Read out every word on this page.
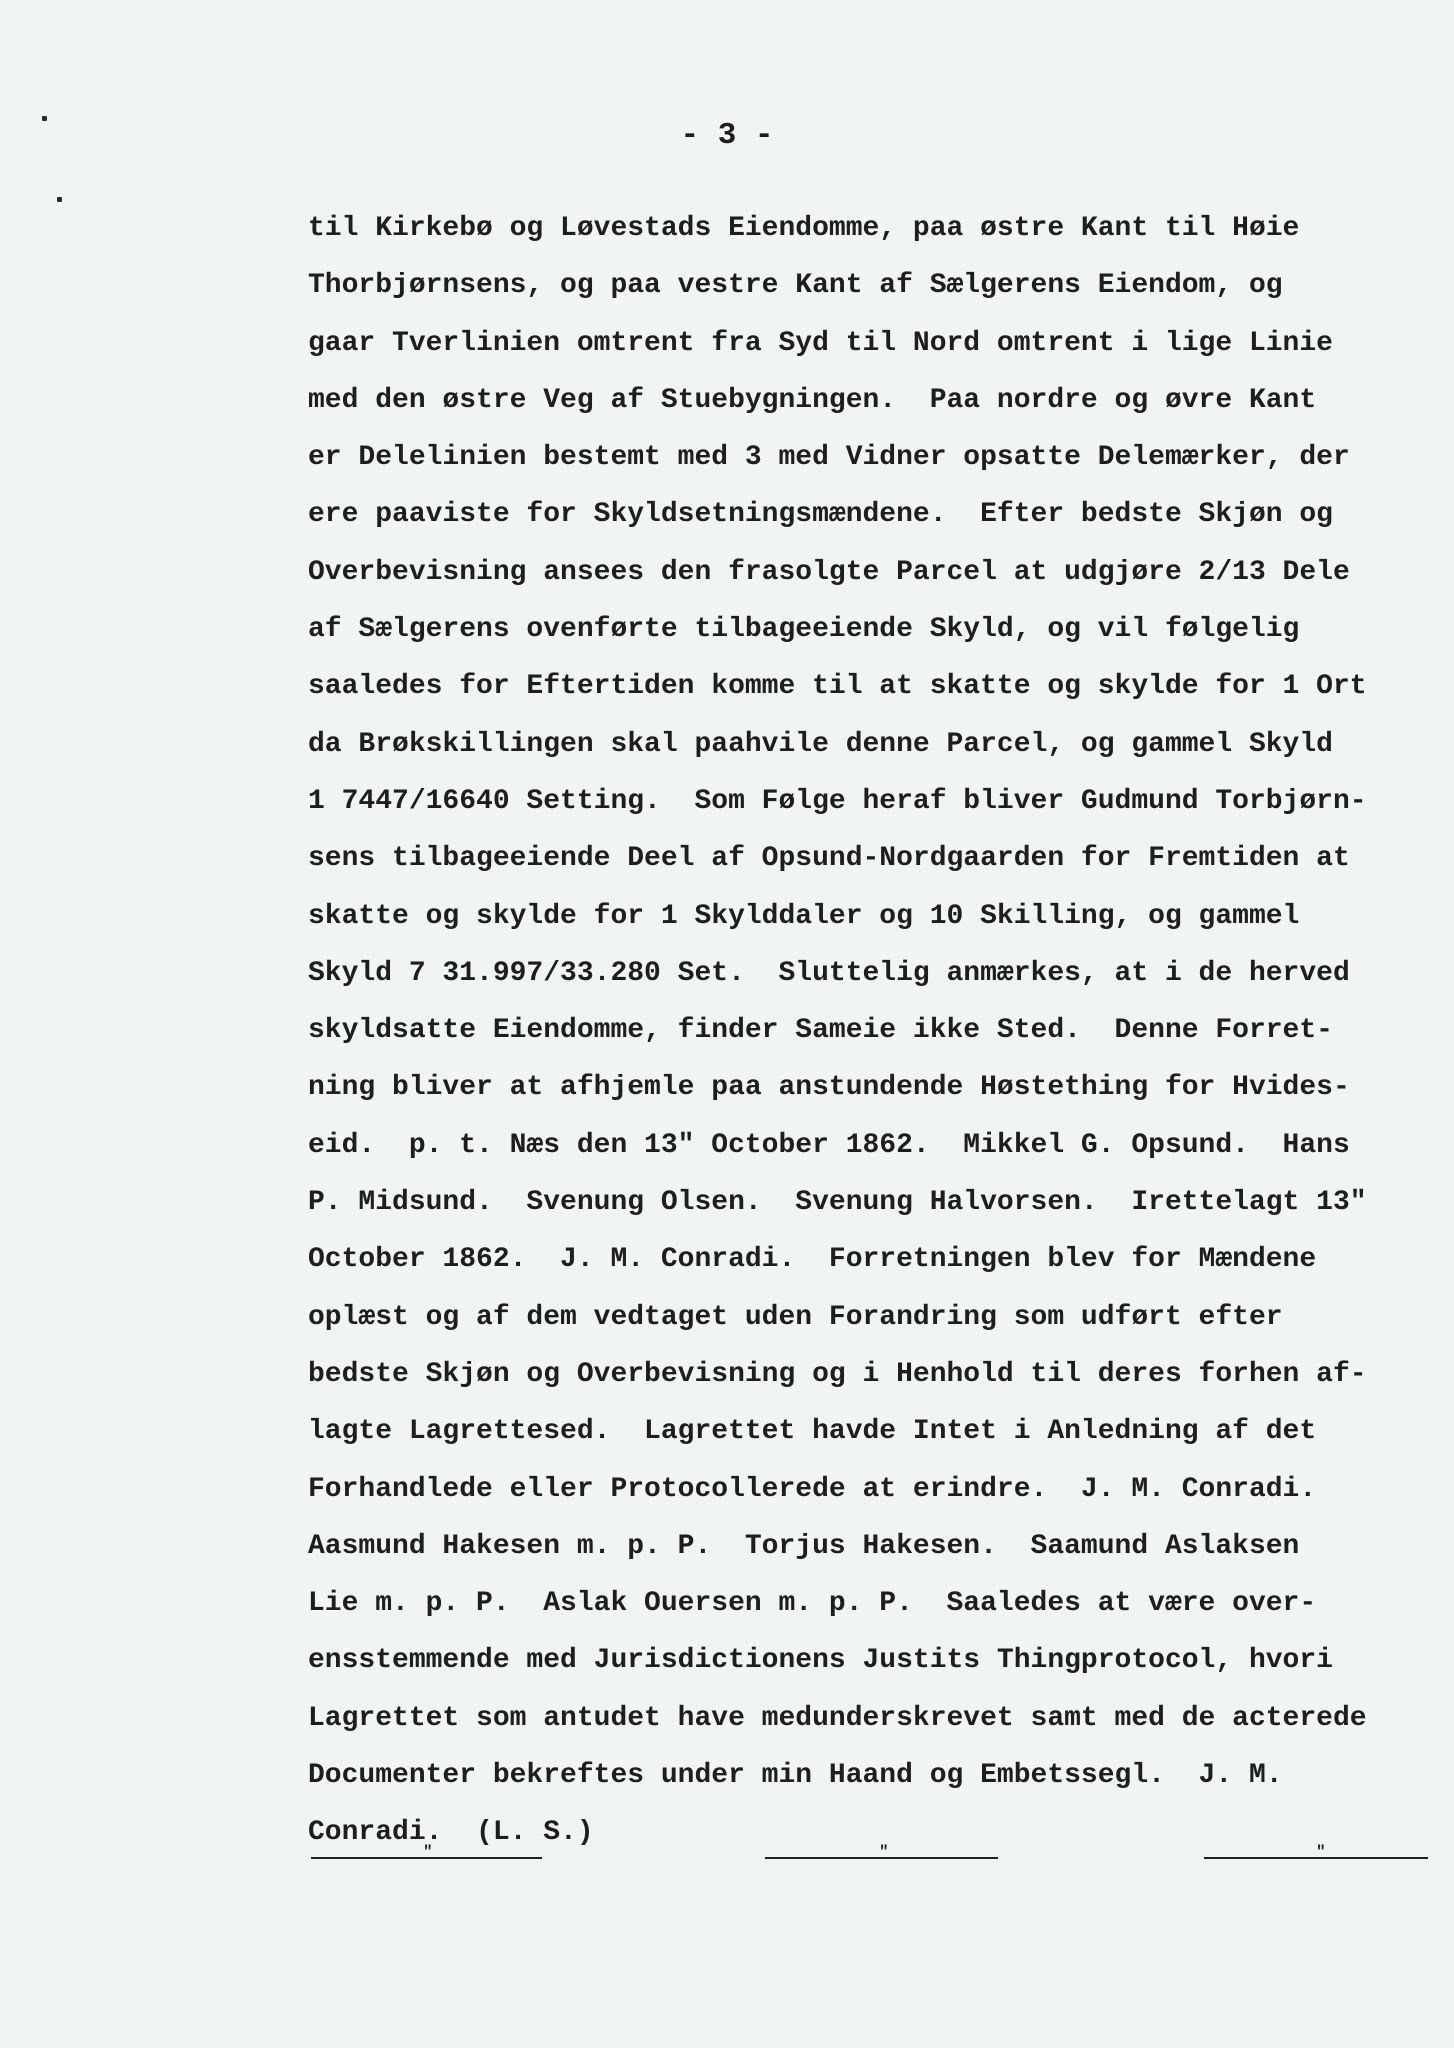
- 3 -
til Kirkebø og Løvestads Eiendomme, paa østre Kant til Høie
Thorbjørnsens, og paa vestre Kant af Sælgerens Eiendom, og
gaar Tverlinien omtrent fra Syd til Nord omtrent i lige Linie
med den østre Veg af Stuebygningen.  Paa nordre og øvre Kant
er Delelinien bestemt med 3 med Vidner opsatte Delemærker, der
ere paaviste for Skyldsetningsmændene.  Efter bedste Skjøn og
Overbevisning ansees den frasolgte Parcel at udgjøre 2/13 Dele
af Sælgerens ovenførte tilbageeiende Skyld, og vil følgelig
saaledes for Eftertiden komme til at skatte og skylde for 1 Ort
da Brøkskillingen skal paahvile denne Parcel, og gammel Skyld
1 7447/16640 Setting.  Som Følge heraf bliver Gudmund Torbjørn-
sens tilbageeiende Deel af Opsund-Nordgaarden for Fremtiden at
skatte og skylde for 1 Skylddaler og 10 Skilling, og gammel
Skyld 7 31.997/33.280 Set.  Sluttelig anmærkes, at i de herved
skyldsatte Eiendomme, finder Sameie ikke Sted.  Denne Forret-
ning bliver at afhjemle paa anstundende Høstething for Hvides-
eid.  p. t. Næs den 13" October 1862.  Mikkel G. Opsund.  Hans
P. Midsund.  Svenung Olsen.  Svenung Halvorsen.  Irettelagt 13"
October 1862.  J. M. Conradi.  Forretningen blev for Mændene
oplæst og af dem vedtaget uden Forandring som udført efter
bedste Skjøn og Overbevisning og i Henhold til deres forhen af-
lagte Lagrettesed.  Lagrettet havde Intet i Anledning af det
Forhandlede eller Protocollerede at erindre.  J. M. Conradi.
Aasmund Hakesen m. p. P.  Torjus Hakesen.  Saamund Aslaksen
Lie m. p. P.  Aslak Ouersen m. p. P.  Saaledes at være over-
ensstemmende med Jurisdictionens Justits Thingprotocol, hvori
Lagrettet som antudet have medunderskrevet samt med de acterede
Documenter bekreftes under min Haand og Embetssegl.  J. M.
Conradi.  (L. S.)
"	"	"
